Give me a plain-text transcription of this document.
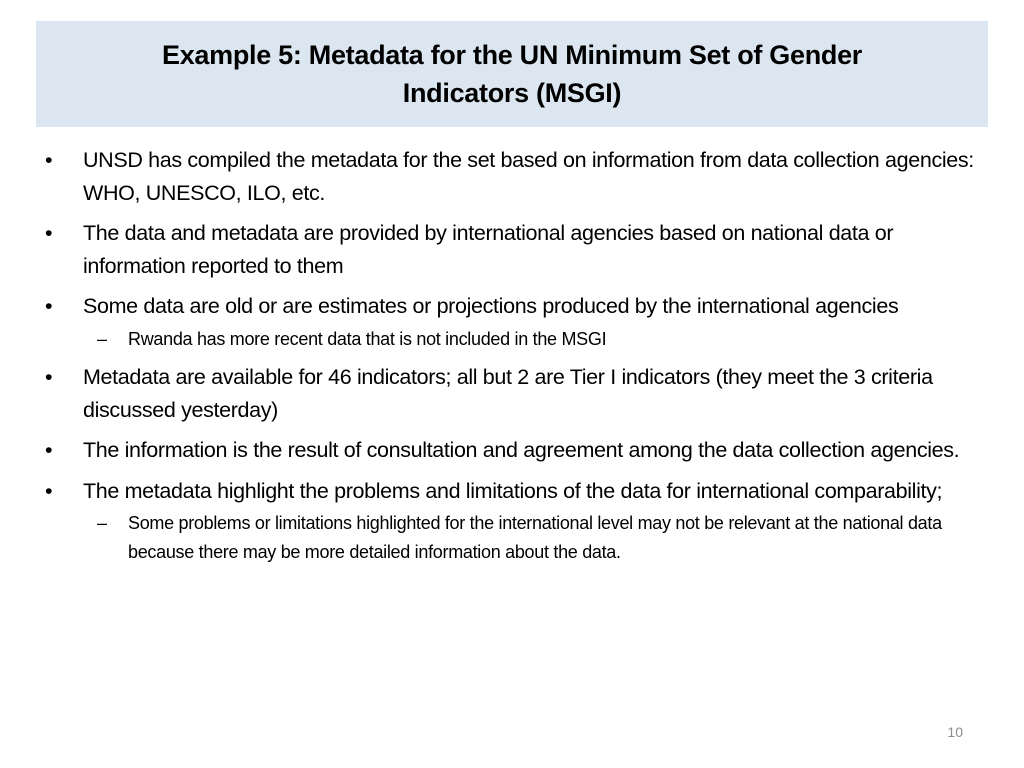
Example 5: Metadata for the UN Minimum Set of Gender Indicators (MSGI)
•	UNSD has compiled the metadata for the set based on information from data collection agencies: WHO, UNESCO, ILO, etc.
•	The data and metadata are provided by international agencies based on national data or information reported to them
•	Some data are old or are estimates or projections produced by the international agencies
–	Rwanda has more recent data that is not included in the MSGI
•	Metadata are available for 46 indicators; all but 2 are Tier I indicators (they meet the 3 criteria discussed yesterday)
•	The information is the result of consultation and agreement among the data collection agencies.
•	The metadata highlight the problems and limitations of the data for international comparability;
–	Some problems or limitations highlighted for the international level may not be relevant at the national data because there may be more detailed information about the data.
10
